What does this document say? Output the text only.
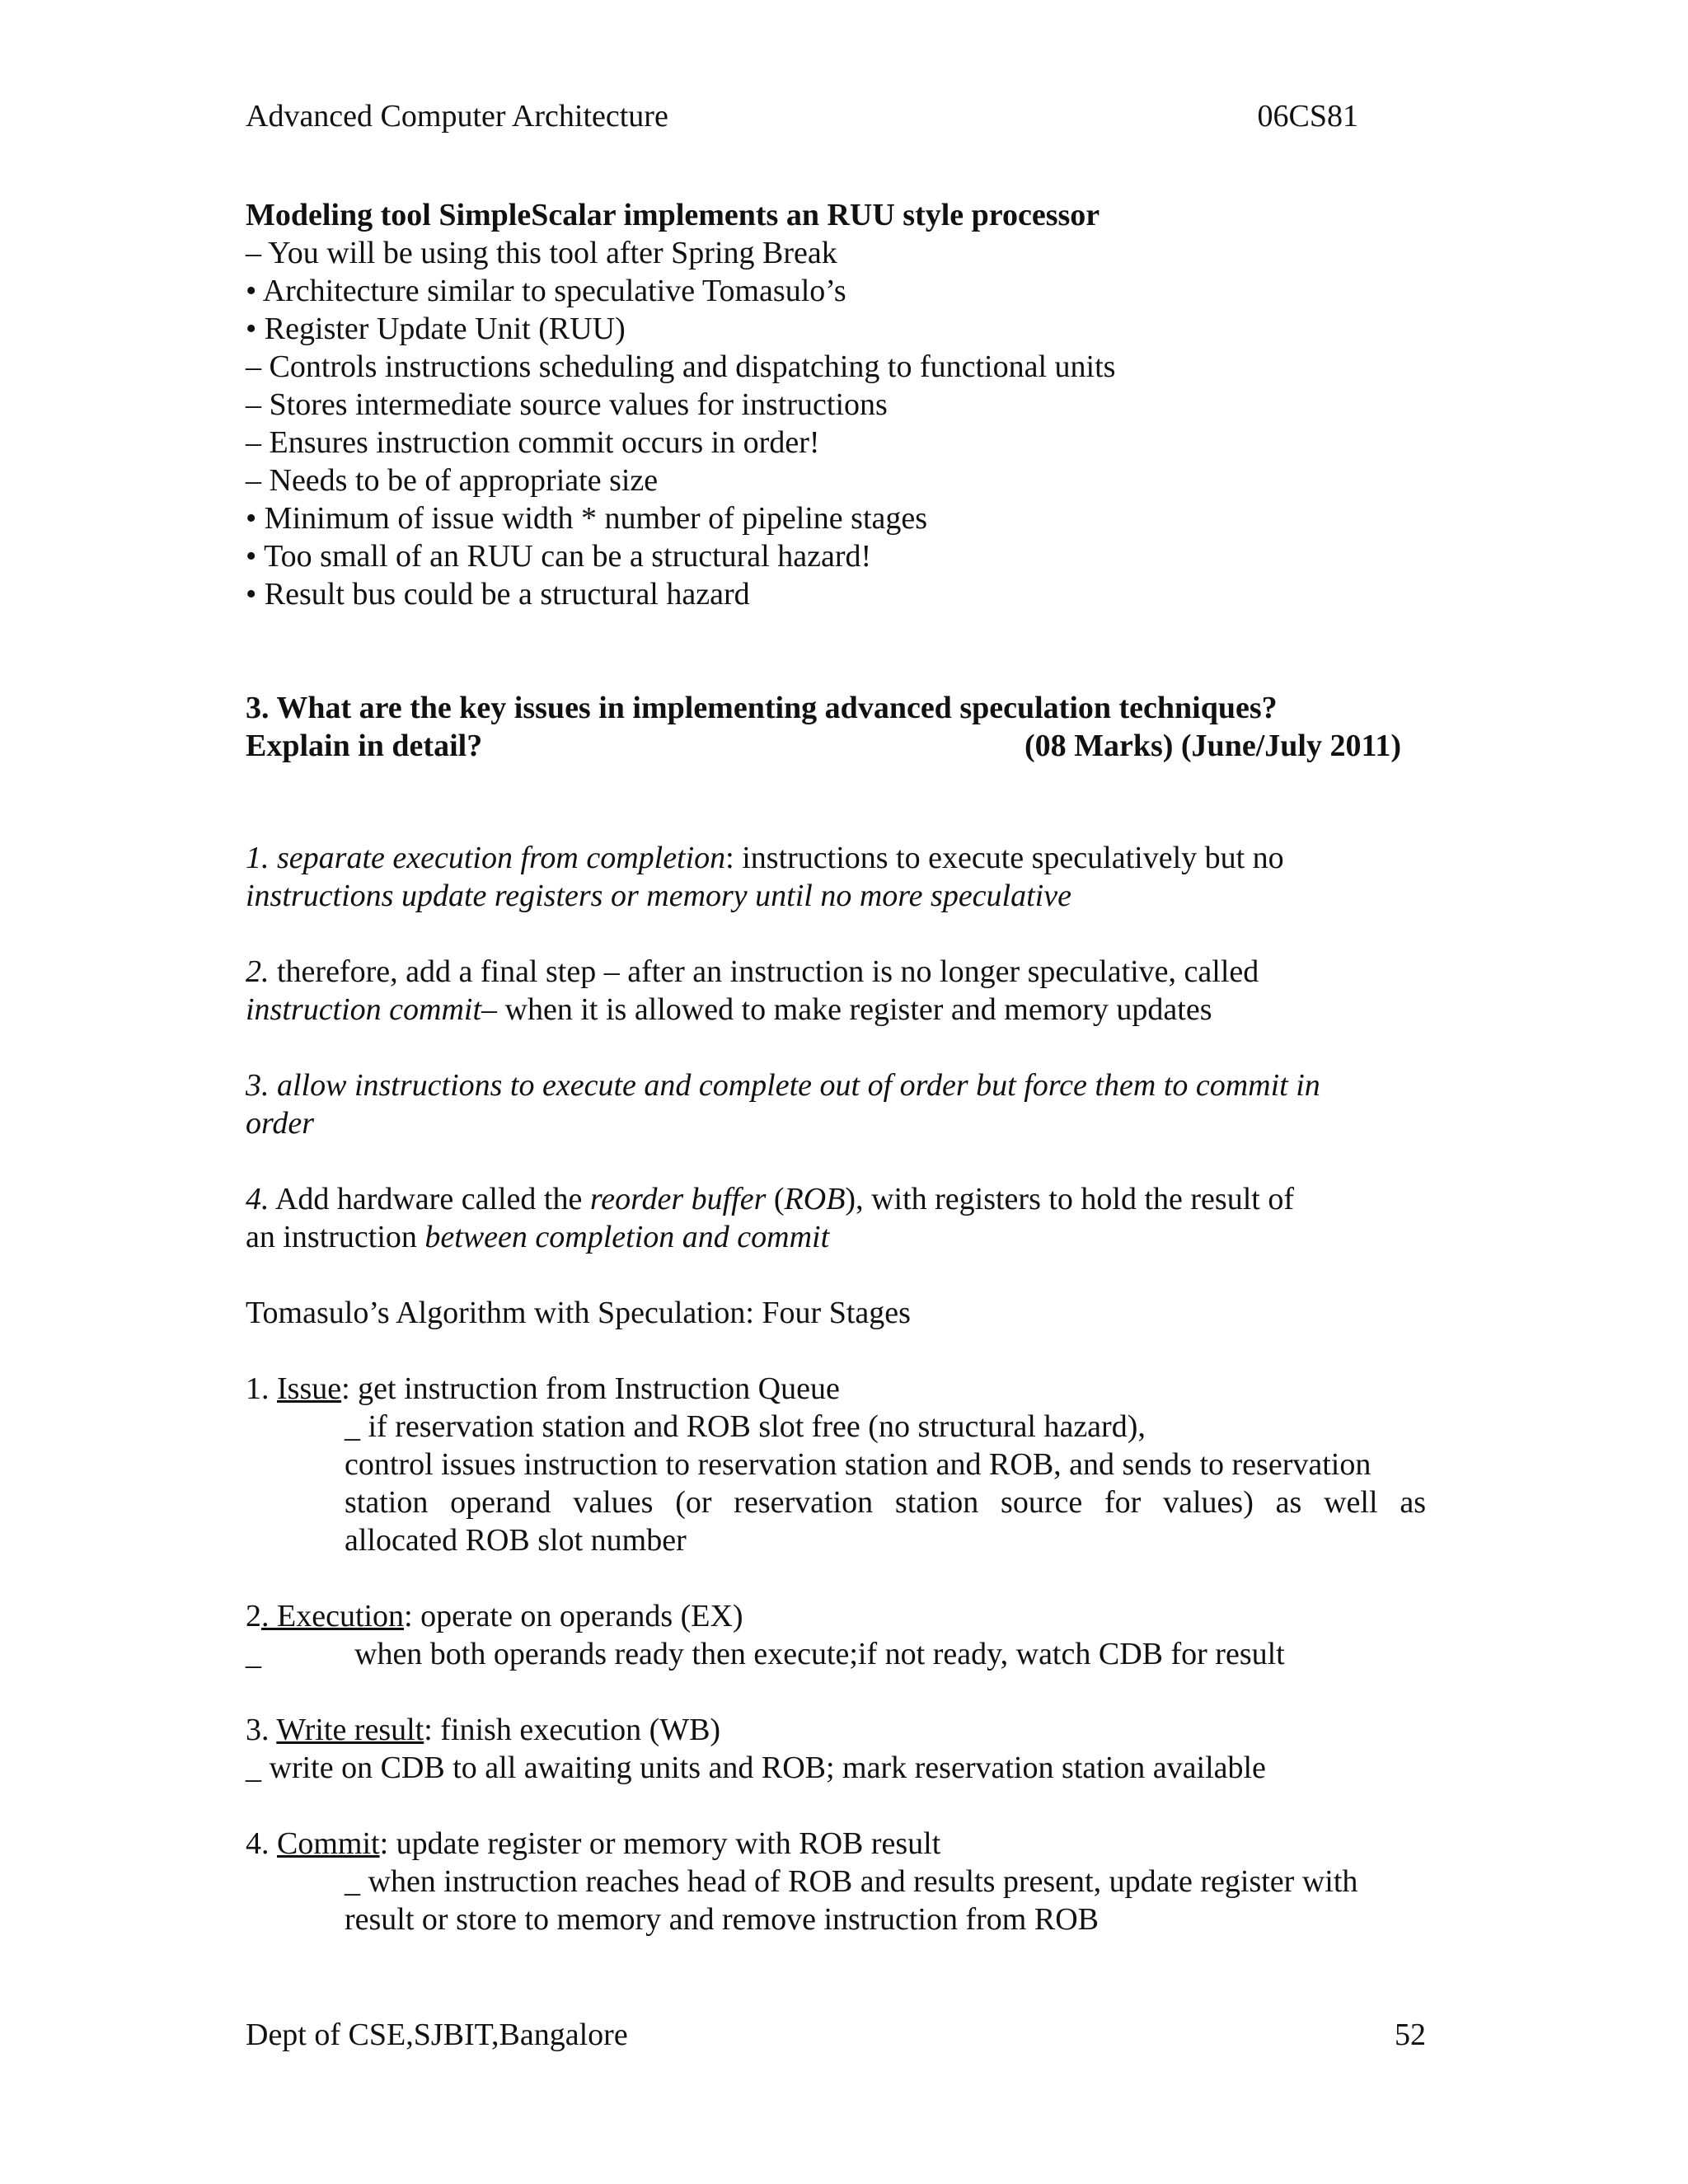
Advanced Computer Architecture	06CS81
Modeling tool SimpleScalar implements an RUU style processor
– You will be using this tool after Spring Break
• Architecture similar to speculative Tomasulo’s
• Register Update Unit (RUU)
– Controls instructions scheduling and dispatching to functional units
– Stores intermediate source values for instructions
– Ensures instruction commit occurs in order!
– Needs to be of appropriate size
• Minimum of issue width * number of pipeline stages
• Too small of an RUU can be a structural hazard!
• Result bus could be a structural hazard
3. What are the key issues in implementing advanced speculation techniques?
Explain in detail?	(08 Marks) (June/July 2011)
1. separate execution from completion: instructions to execute speculatively but no
instructions update registers or memory until no more speculative
2. therefore, add a final step – after an instruction is no longer speculative, called
instruction commit– when it is allowed to make register and memory updates
3. allow instructions to execute and complete out of order but force them to commit in
order
4. Add hardware called the reorder buffer (ROB), with registers to hold the result of
an instruction between completion and commit
Tomasulo’s Algorithm with Speculation: Four Stages
1. Issue: get instruction from Instruction Queue
_ if reservation station and ROB slot free (no structural hazard),
control issues instruction to reservation station and ROB, and sends to reservation
station operand values (or reservation station source for values) as well as
allocated ROB slot number
2. Execution: operate on operands (EX)
_	when both operands ready then execute;if not ready, watch CDB for result
3. Write result: finish execution (WB)
_ write on CDB to all awaiting units and ROB; mark reservation station available
4. Commit: update register or memory with ROB result
_ when instruction reaches head of ROB and results present, update register with
result or store to memory and remove instruction from ROB
Dept of CSE,SJBIT,Bangalore	52
